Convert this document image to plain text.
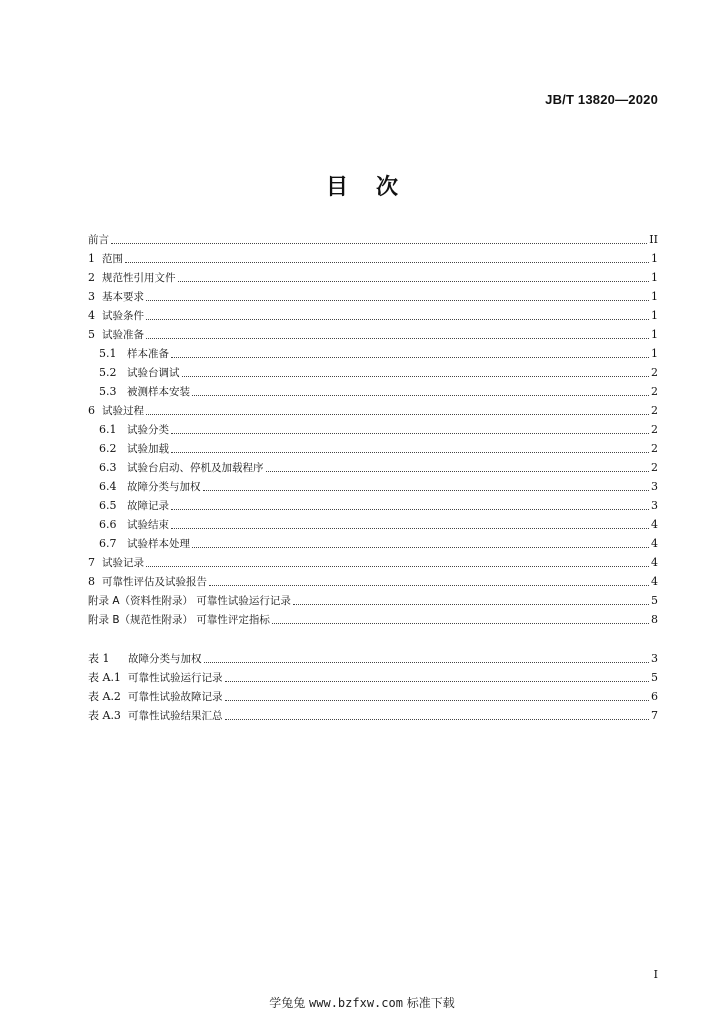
JB/T 13820—2020
目次
前言	II
1 范围	1
2 规范性引用文件	1
3 基本要求	1
4 试验条件	1
5 试验准备	1
5.1	样本准备	1
5.2	试验台调试	2
5.3	被测样本安装	2
6 试验过程	2
6.1	试验分类	2
6.2	试验加载	2
6.3	试验台启动、停机及加载程序	2
6.4	故障分类与加权	3
6.5	故障记录	3
6.6	试验结束	4
6.7	试验样本处理	4
7 试验记录	4
8 可靠性评估及试验报告	4
附录 A（资料性附录） 可靠性试验运行记录	5
附录 B（规范性附录） 可靠性评定指标	8
表 1	故障分类与加权	3
表 A.1 可靠性试验运行记录	5
表 A.2 可靠性试验故障记录	6
表 A.3 可靠性试验结果汇总	7
I
学兔兔 www.bzfxw.com 标准下载
